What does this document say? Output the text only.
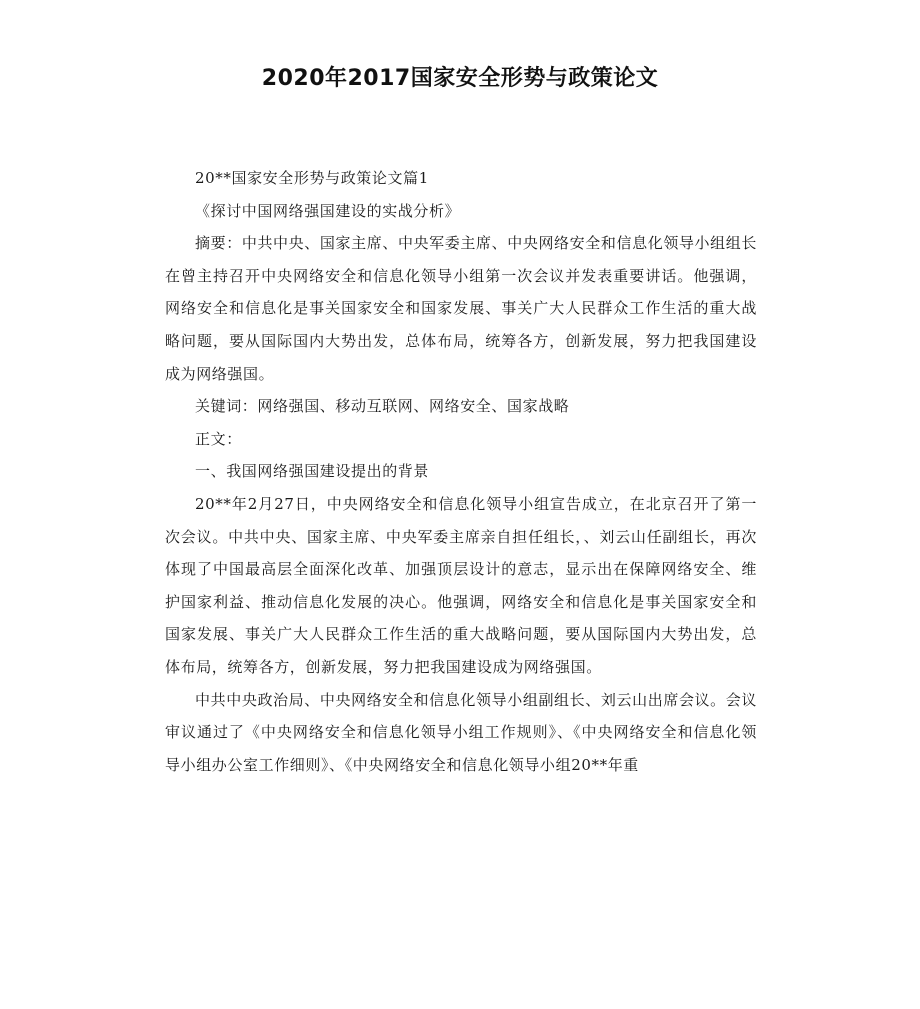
2020年2017国家安全形势与政策论文

20**国家安全形势与政策论文篇1

《探讨中国网络强国建设的实战分析》

摘要：中共中央、国家主席、中央军委主席、中央网络安全和信息化领导小组组长在曾主持召开中央网络安全和信息化领导小组第一次会议并发表重要讲话。他强调，网络安全和信息化是事关国家安全和国家发展、事关广大人民群众工作生活的重大战略问题，要从国际国内大势出发，总体布局，统筹各方，创新发展，努力把我国建设成为网络强国。

关键词：网络强国、移动互联网、网络安全、国家战略

正文：

一、我国网络强国建设提出的背景

20**年2月27日，中央网络安全和信息化领导小组宣告成立，在北京召开了第一次会议。中共中央、国家主席、中央军委主席亲自担任组长，、刘云山任副组长，再次体现了中国最高层全面深化改革、加强顶层设计的意志，显示出在保障网络安全、维护国家利益、推动信息化发展的决心。他强调，网络安全和信息化是事关国家安全和国家发展、事关广大人民群众工作生活的重大战略问题，要从国际国内大势出发，总体布局，统筹各方，创新发展，努力把我国建设成为网络强国。

中共中央政治局、中央网络安全和信息化领导小组副组长、刘云山出席会议。会议审议通过了《中央网络安全和信息化领导小组工作规则》、《中央网络安全和信息化领导小组办公室工作细则》、《中央网络安全和信息化领导小组20**年重
